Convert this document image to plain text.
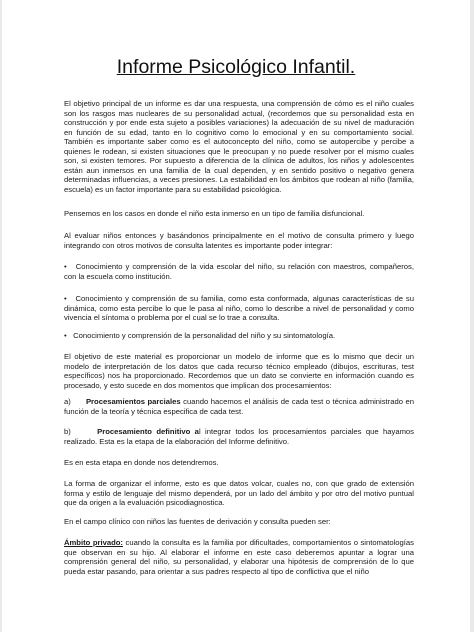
Informe Psicológico Infantil.

El objetivo principal de un informe es dar una respuesta, una comprensión de cómo es el niño cuales son los rasgos mas nucleares de su personalidad actual, (recordemos que su personalidad esta en construcción y por ende esta sujeto a posibles variaciones) la adecuación de su nivel de maduración en función de su edad, tanto en lo cognitivo como lo emocional y en su comportamiento social. También es importante saber como es el autoconcepto del niño, como se autopercibe y percibe a quienes le rodean, si existen situaciones que le preocupan y no puede resolver por el mismo cuales son, si existen temores. Por supuesto a diferencia de la clínica de adultos, los niños y adolescentes están aun inmersos en una familia de la cual dependen, y en sentido positivo o negativo genera determinadas influencias, a veces presiones. La estabilidad en los ámbitos que rodean al niño (familia, escuela) es un factor importante para su estabilidad psicológica.

Pensemos en los casos en donde el niño esta inmerso en un tipo de familia disfuncional.

Al evaluar niños entonces y basándonos principalmente en el motivo de consulta primero y luego integrando con otros motivos de consulta latentes es importante poder integrar:

• Conocimiento y comprensión de la vida escolar del niño, su relación con maestros, compañeros, con la escuela como institución.

• Conocimiento y comprensión de su familia, como esta conformada, algunas características de su dinámica, como esta percibe lo que le pasa al niño, como lo describe a nivel de personalidad y como vivencia el síntoma o problema por el cual se lo trae a consulta.

• Conocimiento y comprensión de la personalidad del niño y su sintomatología.

El objetivo de este material es proporcionar un modelo de informe que es lo mismo que decir un modelo de interpretación de los datos que cada recurso técnico empleado (dibujos, escrituras, test específicos) nos ha proporcionado. Recordemos que un dato se convierte en información cuando es procesado, y esto sucede en dos momentos que implican dos procesamientos:

a) Procesamientos parciales cuando hacemos el análisis de cada test o técnica administrado en función de la teoría y técnica especifica de cada test.

b)	Procesamiento definitivo al integrar todos los procesamientos parciales que hayamos realizado. Esta es la etapa de la elaboración del Informe definitivo.

Es en esta etapa en donde nos detendremos.

La forma de organizar el informe, esto es que datos volcar, cuales no, con que grado de extensión forma y estilo de lenguaje del mismo dependerá, por un lado del ámbito y por otro del motivo puntual que da origen a la evaluación psicodiagnostica.

En el campo clínico con niños las fuentes de derivación y consulta pueden ser:

Ámbito privado: cuando la consulta es la familia por dificultades, comportamientos o sintomatologías que observan en su hijo. Al elaborar el informe en este caso deberemos apuntar a lograr una comprensión general del niño, su personalidad, y elaborar una hipótesis de comprensión de lo que pueda estar pasando, para orientar a sus padres respecto al tipo de conflictiva que el niño
